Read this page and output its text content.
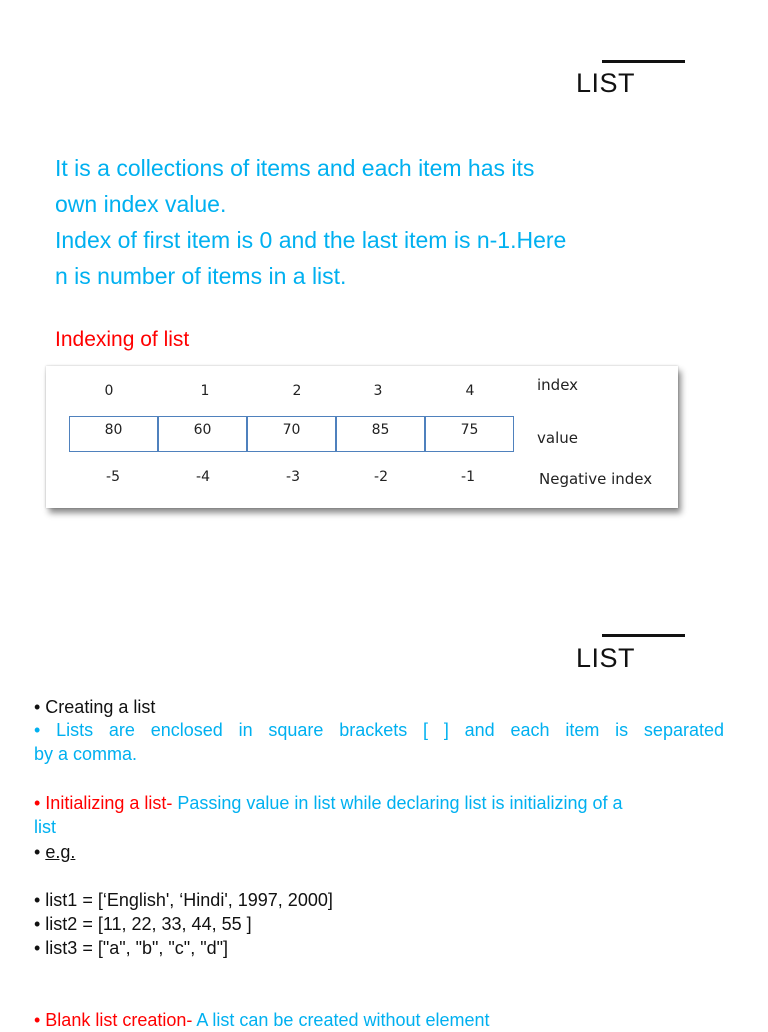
LIST

It is a collections of items and each item has its

own index value.

Index of first item is 0 and the last item is n-1.Here

n is number of items in a list.

Indexing of list
0	1	2	3	4	index
80	60	70	85	75	value
-5	-4	-3	-2	-1	Negative index
LIST
• Creating a list
• Lists are enclosed in square brackets [ ] and each item is separated
by a comma.
• Initializing a list- Passing value in list while declaring list is initializing of a
list
• e.g.
• list1 = [‘English', ‘Hindi', 1997, 2000]
• list2 = [11, 22, 33, 44, 55 ]
• list3 = ["a", "b", "c", "d"]
• Blank list creation- A list can be created without element
